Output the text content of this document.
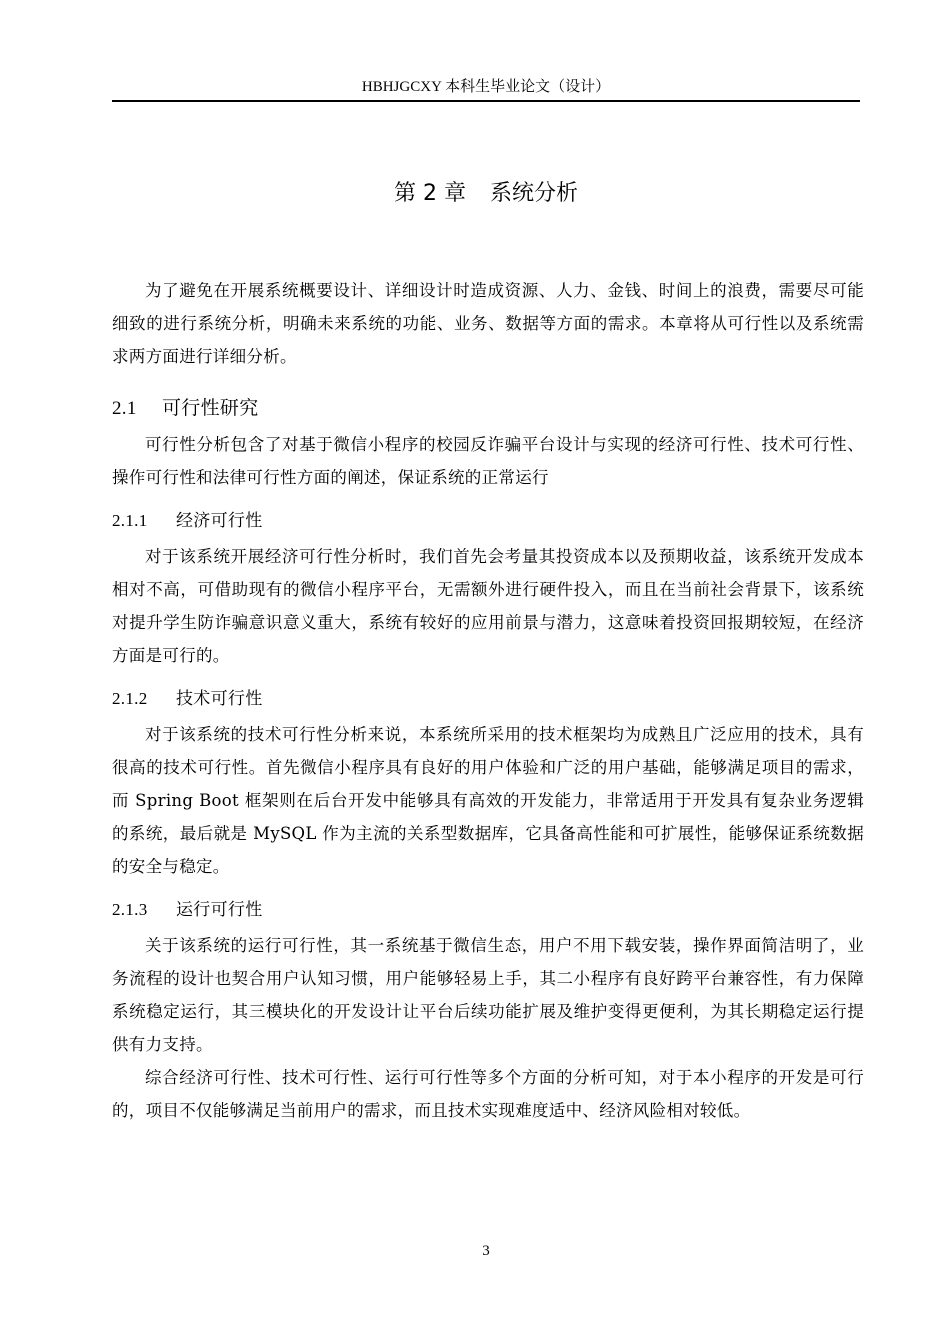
HBHJGCXY 本科生毕业论文（设计）
第 2 章 系统分析

为了避免在开展系统概要设计、详细设计时造成资源、人力、金钱、时间上的浪费，需要尽可能细致的进行系统分析，明确未来系统的功能、业务、数据等方面的需求。本章将从可行性以及系统需求两方面进行详细分析。

2.1 可行性研究

可行性分析包含了对基于微信小程序的校园反诈骗平台设计与实现的经济可行性、技术可行性、操作可行性和法律可行性方面的阐述，保证系统的正常运行

2.1.1 经济可行性

对于该系统开展经济可行性分析时，我们首先会考量其投资成本以及预期收益，该系统开发成本相对不高，可借助现有的微信小程序平台，无需额外进行硬件投入，而且在当前社会背景下，该系统对提升学生防诈骗意识意义重大，系统有较好的应用前景与潜力，这意味着投资回报期较短，在经济方面是可行的。

2.1.2 技术可行性

对于该系统的技术可行性分析来说，本系统所采用的技术框架均为成熟且广泛应用的技术，具有很高的技术可行性。首先微信小程序具有良好的用户体验和广泛的用户基础，能够满足项目的需求，而 Spring Boot 框架则在后台开发中能够具有高效的开发能力，非常适用于开发具有复杂业务逻辑的系统，最后就是 MySQL 作为主流的关系型数据库，它具备高性能和可扩展性，能够保证系统数据的安全与稳定。

2.1.3 运行可行性

关于该系统的运行可行性，其一系统基于微信生态，用户不用下载安装，操作界面简洁明了，业务流程的设计也契合用户认知习惯，用户能够轻易上手，其二小程序有良好跨平台兼容性，有力保障系统稳定运行，其三模块化的开发设计让平台后续功能扩展及维护变得更便利，为其长期稳定运行提供有力支持。

综合经济可行性、技术可行性、运行可行性等多个方面的分析可知，对于本小程序的开发是可行的，项目不仅能够满足当前用户的需求，而且技术实现难度适中、经济风险相对较低。

3
